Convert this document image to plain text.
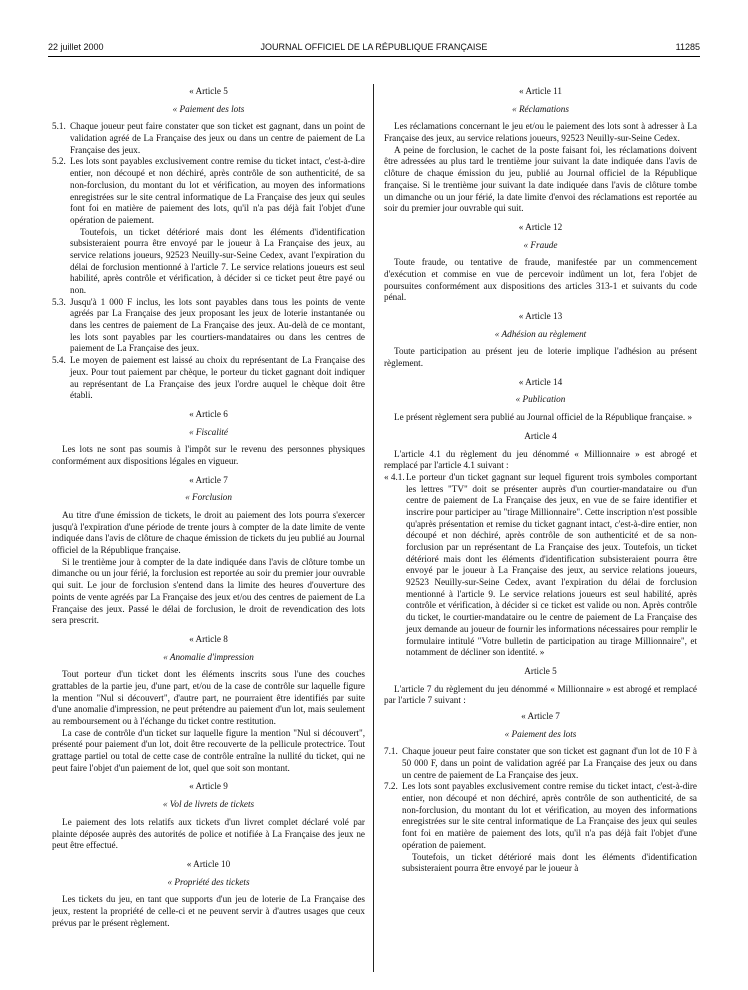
22 juillet 2000	JOURNAL OFFICIEL DE LA RÉPUBLIQUE FRANÇAISE	11285
« Article 5
« Paiement des lots
5.1. Chaque joueur peut faire constater que son ticket est gagnant, dans un point de validation agréé de La Française des jeux ou dans un centre de paiement de La Française des jeux.
5.2. Les lots sont payables exclusivement contre remise du ticket intact, c'est-à-dire entier, non découpé et non déchiré, après contrôle de son authenticité, de sa non-forclusion, du montant du lot et vérification, au moyen des informations enregistrées sur le site central informatique de La Française des jeux qui seules font foi en matière de paiement des lots, qu'il n'a pas déjà fait l'objet d'une opération de paiement.
Toutefois, un ticket détérioré mais dont les éléments d'identification subsisteraient pourra être envoyé par le joueur à La Française des jeux, au service relations joueurs, 92523 Neuilly-sur-Seine Cedex, avant l'expiration du délai de forclusion mentionné à l'article 7. Le service relations joueurs est seul habilité, après contrôle et vérification, à décider si ce ticket peut être payé ou non.
5.3. Jusqu'à 1 000 F inclus, les lots sont payables dans tous les points de vente agréés par La Française des jeux proposant les jeux de loterie instantanée ou dans les centres de paiement de La Française des jeux. Au-delà de ce montant, les lots sont payables par les courtiers-mandataires ou dans les centres de paiement de La Française des jeux.
5.4. Le moyen de paiement est laissé au choix du représentant de La Française des jeux. Pour tout paiement par chèque, le porteur du ticket gagnant doit indiquer au représentant de La Française des jeux l'ordre auquel le chèque doit être établi.
« Article 6
« Fiscalité

Les lots ne sont pas soumis à l'impôt sur le revenu des personnes physiques conformément aux dispositions légales en vigueur.

« Article 7
« Forclusion

Au titre d'une émission de tickets, le droit au paiement des lots pourra s'exercer jusqu'à l'expiration d'une période de trente jours à compter de la date limite de vente indiquée dans l'avis de clôture de chaque émission de tickets du jeu publié au Journal officiel de la République française.

Si le trentième jour à compter de la date indiquée dans l'avis de clôture tombe un dimanche ou un jour férié, la forclusion est reportée au soir du premier jour ouvrable qui suit. Le jour de forclusion s'entend dans la limite des heures d'ouverture des points de vente agréés par La Française des jeux et/ou des centres de paiement de La Française des jeux. Passé le délai de forclusion, le droit de revendication des lots sera prescrit.

« Article 8
« Anomalie d'impression

Tout porteur d'un ticket dont les éléments inscrits sous l'une des couches grattables de la partie jeu, d'une part, et/ou de la case de contrôle sur laquelle figure la mention "Nul si découvert", d'autre part, ne pourraient être identifiés par suite d'une anomalie d'impression, ne peut prétendre au paiement d'un lot, mais seulement au remboursement ou à l'échange du ticket contre restitution.

La case de contrôle d'un ticket sur laquelle figure la mention "Nul si découvert", présenté pour paiement d'un lot, doit être recouverte de la pellicule protectrice. Tout grattage partiel ou total de cette case de contrôle entraîne la nullité du ticket, qui ne peut faire l'objet d'un paiement de lot, quel que soit son montant.

« Article 9
« Vol de livrets de tickets

Le paiement des lots relatifs aux tickets d'un livret complet déclaré volé par plainte déposée auprès des autorités de police et notifiée à La Française des jeux ne peut être effectué.

« Article 10
« Propriété des tickets

Les tickets du jeu, en tant que supports d'un jeu de loterie de La Française des jeux, restent la propriété de celle-ci et ne peuvent servir à d'autres usages que ceux prévus par le présent règlement.

« Article 11
« Réclamations

Les réclamations concernant le jeu et/ou le paiement des lots sont à adresser à La Française des jeux, au service relations joueurs, 92523 Neuilly-sur-Seine Cedex.

A peine de forclusion, le cachet de la poste faisant foi, les réclamations doivent être adressées au plus tard le trentième jour suivant la date indiquée dans l'avis de clôture de chaque émission du jeu, publié au Journal officiel de la République française. Si le trentième jour suivant la date indiquée dans l'avis de clôture tombe un dimanche ou un jour férié, la date limite d'envoi des réclamations est reportée au soir du premier jour ouvrable qui suit.

« Article 12
« Fraude

Toute fraude, ou tentative de fraude, manifestée par un commencement d'exécution et commise en vue de percevoir indûment un lot, fera l'objet de poursuites conformément aux dispositions des articles 313-1 et suivants du code pénal.

« Article 13
« Adhésion au règlement

Toute participation au présent jeu de loterie implique l'adhésion au présent règlement.

« Article 14
« Publication

Le présent règlement sera publié au Journal officiel de la République française. »

Article 4

L'article 4.1 du règlement du jeu dénommé « Millionnaire » est abrogé et remplacé par l'article 4.1 suivant :

« 4.1. Le porteur d'un ticket gagnant sur lequel figurent trois symboles comportant les lettres "TV" doit se présenter auprès d'un courtier-mandataire ou d'un centre de paiement de La Française des jeux, en vue de se faire identifier et inscrire pour participer au "tirage Millionnaire". Cette inscription n'est possible qu'après présentation et remise du ticket gagnant intact, c'est-à-dire entier, non découpé et non déchiré, après contrôle de son authenticité et de sa non-forclusion par un représentant de La Française des jeux. Toutefois, un ticket détérioré mais dont les éléments d'identification subsisteraient pourra être envoyé par le joueur à La Française des jeux, au service relations joueurs, 92523 Neuilly-sur-Seine Cedex, avant l'expiration du délai de forclusion mentionné à l'article 9. Le service relations joueurs est seul habilité, après contrôle et vérification, à décider si ce ticket est valide ou non. Après contrôle du ticket, le courtier-mandataire ou le centre de paiement de La Française des jeux demande au joueur de fournir les informations nécessaires pour remplir le formulaire intitulé "Votre bulletin de participation au tirage Millionnaire", et notamment de décliner son identité. »
Article 5

L'article 7 du règlement du jeu dénommé « Millionnaire » est abrogé et remplacé par l'article 7 suivant :

« Article 7
« Paiement des lots
7.1. Chaque joueur peut faire constater que son ticket est gagnant d'un lot de 10 F à 50 000 F, dans un point de validation agréé par La Française des jeux ou dans un centre de paiement de La Française des jeux.
7.2. Les lots sont payables exclusivement contre remise du ticket intact, c'est-à-dire entier, non découpé et non déchiré, après contrôle de son authenticité, de sa non-forclusion, du montant du lot et vérification, au moyen des informations enregistrées sur le site central informatique de La Française des jeux qui seules font foi en matière de paiement des lots, qu'il n'a pas déjà fait l'objet d'une opération de paiement.
Toutefois, un ticket détérioré mais dont les éléments d'identification subsisteraient pourra être envoyé par le joueur à
